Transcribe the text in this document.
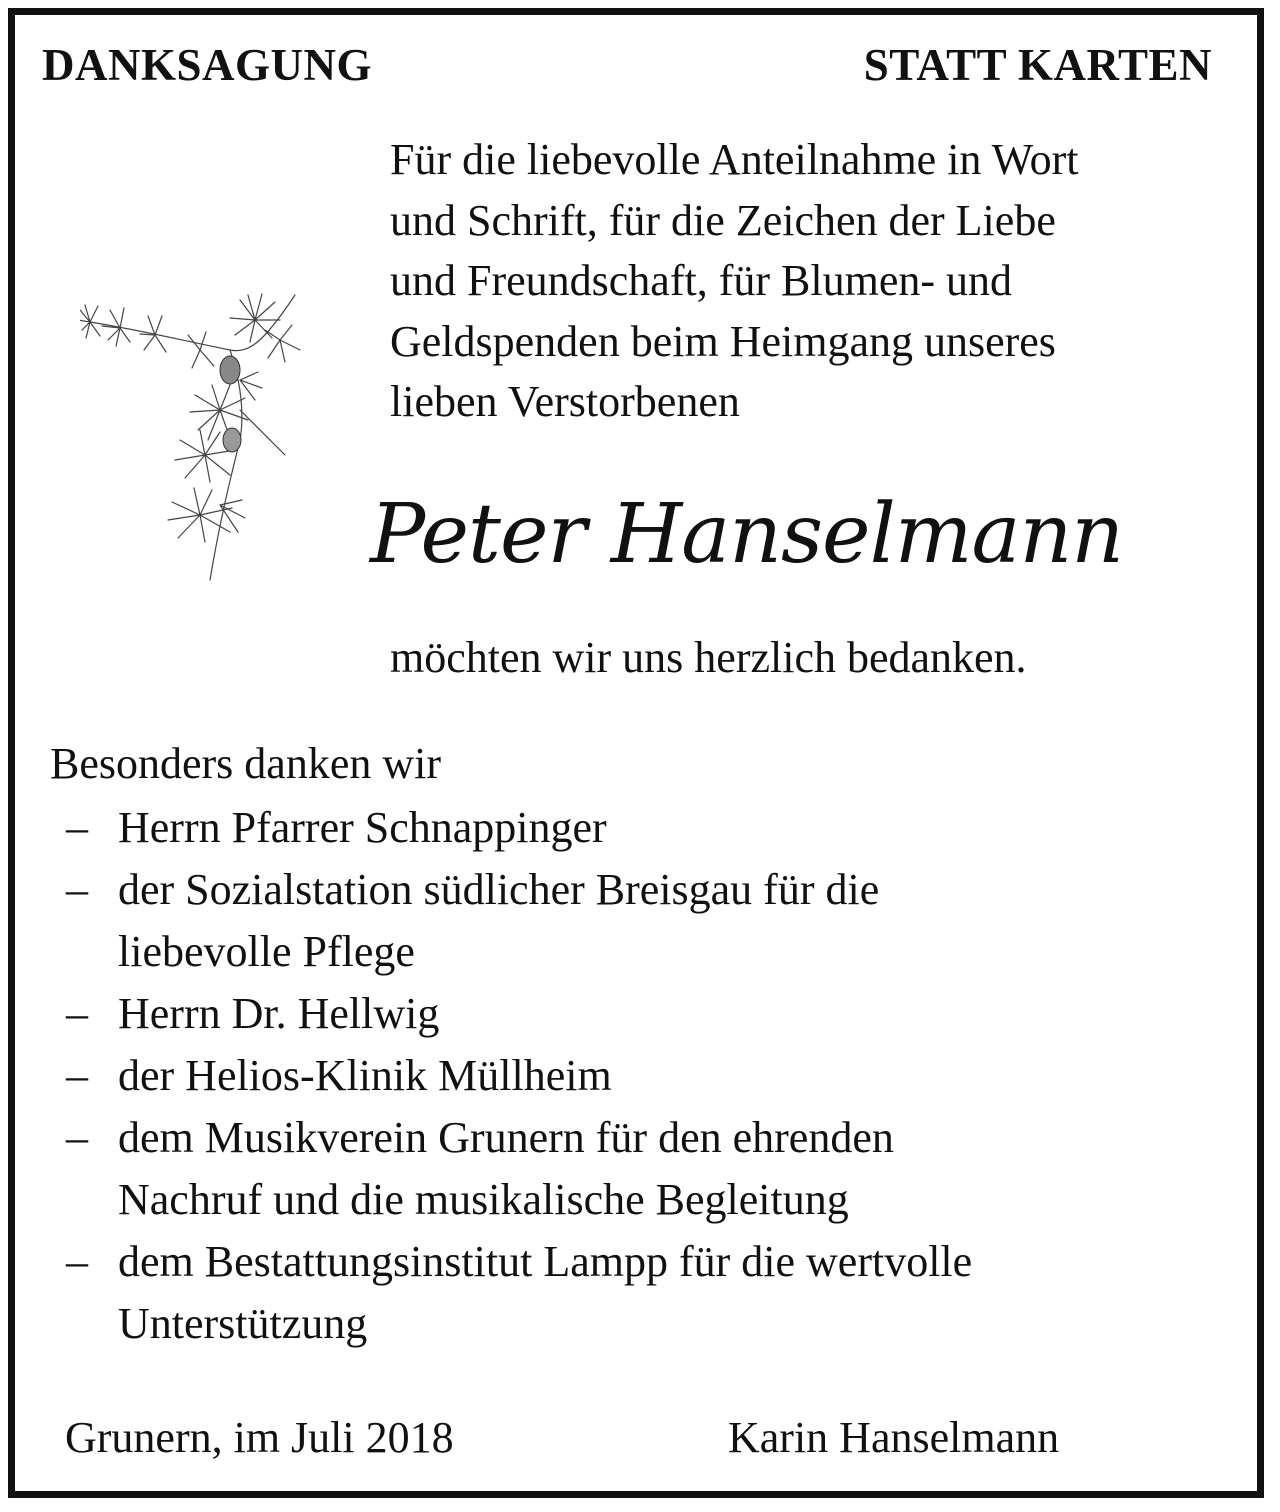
DANKSAGUNG	STATT KARTEN
Für die liebevolle Anteilnahme in Wort
und Schrift, für die Zeichen der Liebe
und Freundschaft, für Blumen- und
Geldspenden beim Heimgang unseres
lieben Verstorbenen
Peter Hanselmann
möchten wir uns herzlich bedanken.
Besonders danken wir
– Herrn Pfarrer Schnappinger
– der Sozialstation südlicher Breisgau für die
liebevolle Pflege
– Herrn Dr. Hellwig
– der Helios-Klinik Müllheim
– dem Musikverein Grunern für den ehrenden
Nachruf und die musikalische Begleitung
– dem Bestattungsinstitut Lampp für die wertvolle
Unterstützung
Grunern, im Juli 2018	Karin Hanselmann
